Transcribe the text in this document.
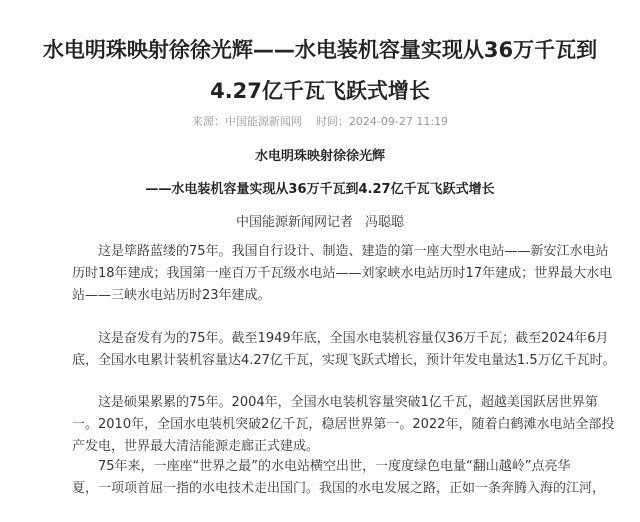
水电明珠映射徐徐光辉——水电装机容量实现从36万千瓦到
4.27亿千瓦飞跃式增长
来源：中国能源新闻网 时间：2024-09-27 11:19
水电明珠映射徐徐光辉
——水电装机容量实现从36万千瓦到4.27亿千瓦飞跃式增长
中国能源新闻网记者 冯聪聪
这是筚路蓝缕的75年。我国自行设计、制造、建造的第一座大型水电站——新安江水电站
历时18年建成；我国第一座百万千瓦级水电站——刘家峡水电站历时17年建成；世界最大水电
站——三峡水电站历时23年建成。
这是奋发有为的75年。截至1949年底，全国水电装机容量仅36万千瓦；截至2024年6月
底，全国水电累计装机容量达4.27亿千瓦，实现飞跃式增长，预计年发电量达1.5万亿千瓦时。
这是硕果累累的75年。2004年，全国水电装机容量突破1亿千瓦，超越美国跃居世界第
一。2010年，全国水电装机突破2亿千瓦，稳居世界第一。2022年，随着白鹤滩水电站全部投
产发电，世界最大清洁能源走廊正式建成。
75年来，一座座“世界之最”的水电站横空出世，一度度绿色电量“翻山越岭”点亮华
夏，一项项首屈一指的水电技术走出国门。我国的水电发展之路，正如一条奔腾入海的江河，
